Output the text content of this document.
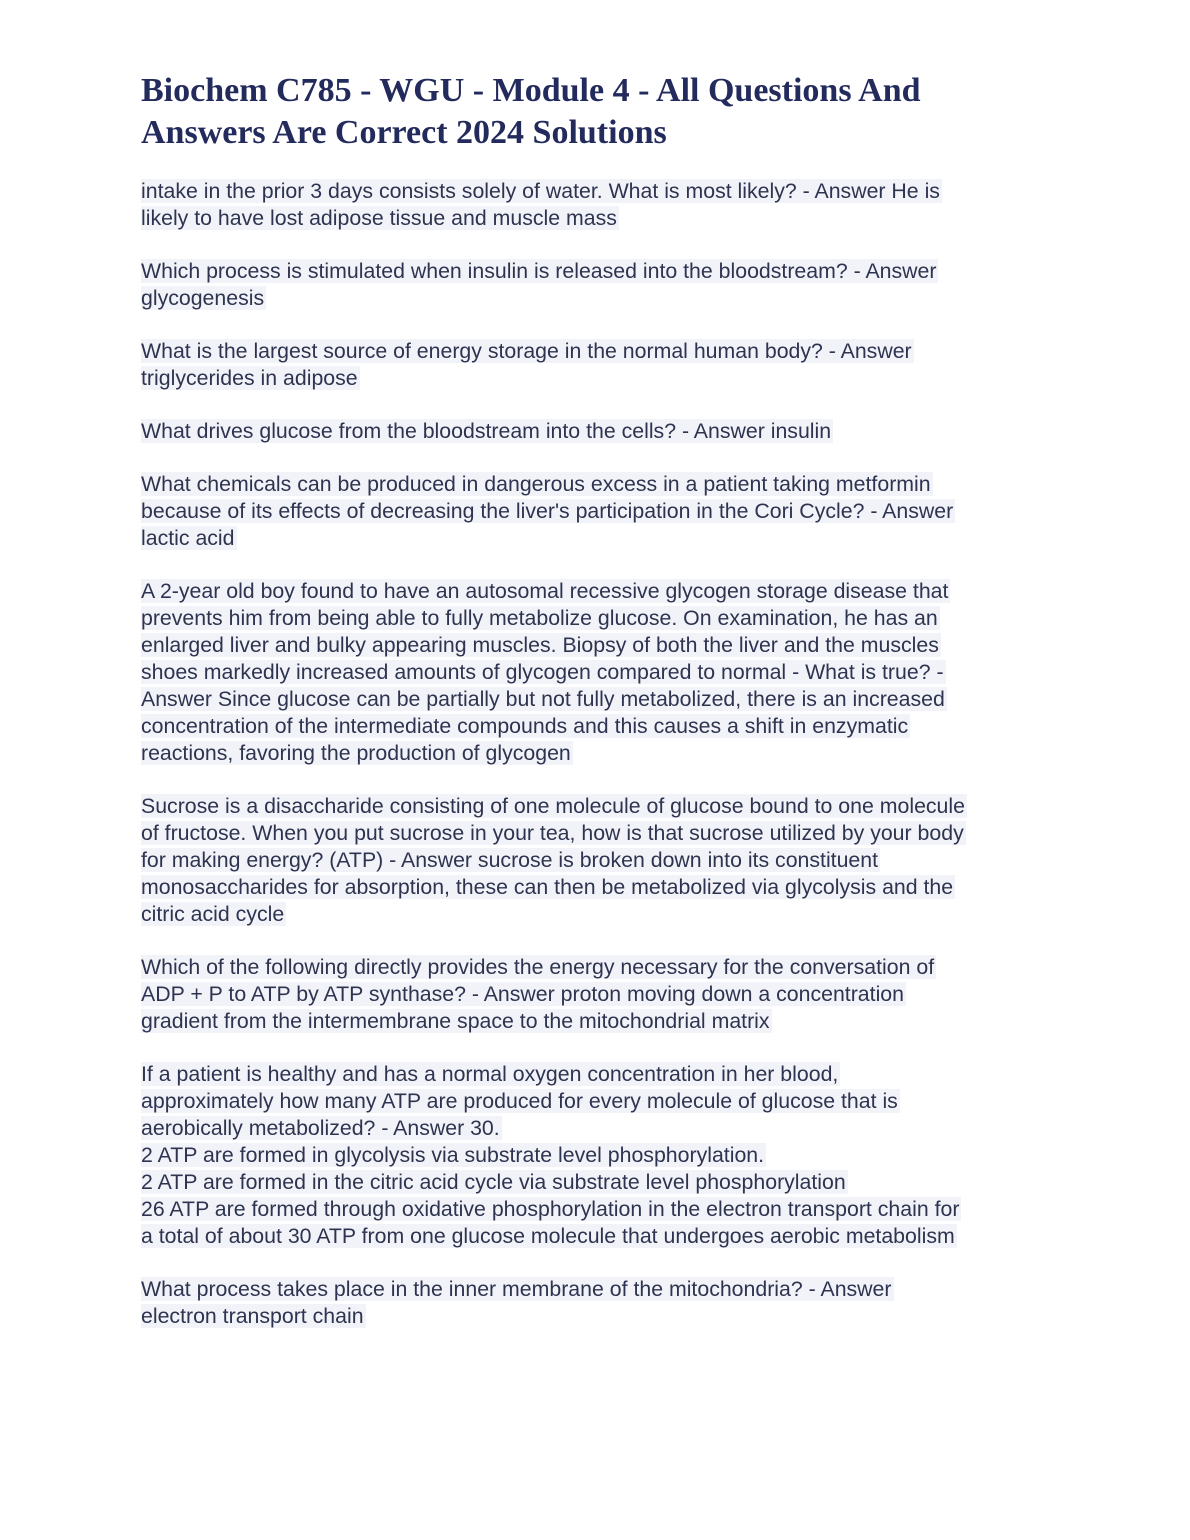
Biochem C785 - WGU - Module 4 - All Questions And
Answers Are Correct 2024 Solutions
intake in the prior 3 days consists solely of water. What is most likely? - Answer He is
likely to have lost adipose tissue and muscle mass
Which process is stimulated when insulin is released into the bloodstream? - Answer
glycogenesis
What is the largest source of energy storage in the normal human body? - Answer
triglycerides in adipose
What drives glucose from the bloodstream into the cells? - Answer insulin
What chemicals can be produced in dangerous excess in a patient taking metformin
because of its effects of decreasing the liver's participation in the Cori Cycle? - Answer
lactic acid
A 2-year old boy found to have an autosomal recessive glycogen storage disease that
prevents him from being able to fully metabolize glucose. On examination, he has an
enlarged liver and bulky appearing muscles. Biopsy of both the liver and the muscles
shoes markedly increased amounts of glycogen compared to normal - What is true? -
Answer Since glucose can be partially but not fully metabolized, there is an increased
concentration of the intermediate compounds and this causes a shift in enzymatic
reactions, favoring the production of glycogen
Sucrose is a disaccharide consisting of one molecule of glucose bound to one molecule
of fructose. When you put sucrose in your tea, how is that sucrose utilized by your body
for making energy? (ATP) - Answer sucrose is broken down into its constituent
monosaccharides for absorption, these can then be metabolized via glycolysis and the
citric acid cycle
Which of the following directly provides the energy necessary for the conversation of
ADP + P to ATP by ATP synthase? - Answer proton moving down a concentration
gradient from the intermembrane space to the mitochondrial matrix
If a patient is healthy and has a normal oxygen concentration in her blood,
approximately how many ATP are produced for every molecule of glucose that is
aerobically metabolized? - Answer 30.
2 ATP are formed in glycolysis via substrate level phosphorylation.
2 ATP are formed in the citric acid cycle via substrate level phosphorylation
26 ATP are formed through oxidative phosphorylation in the electron transport chain for
a total of about 30 ATP from one glucose molecule that undergoes aerobic metabolism
What process takes place in the inner membrane of the mitochondria? - Answer
electron transport chain
